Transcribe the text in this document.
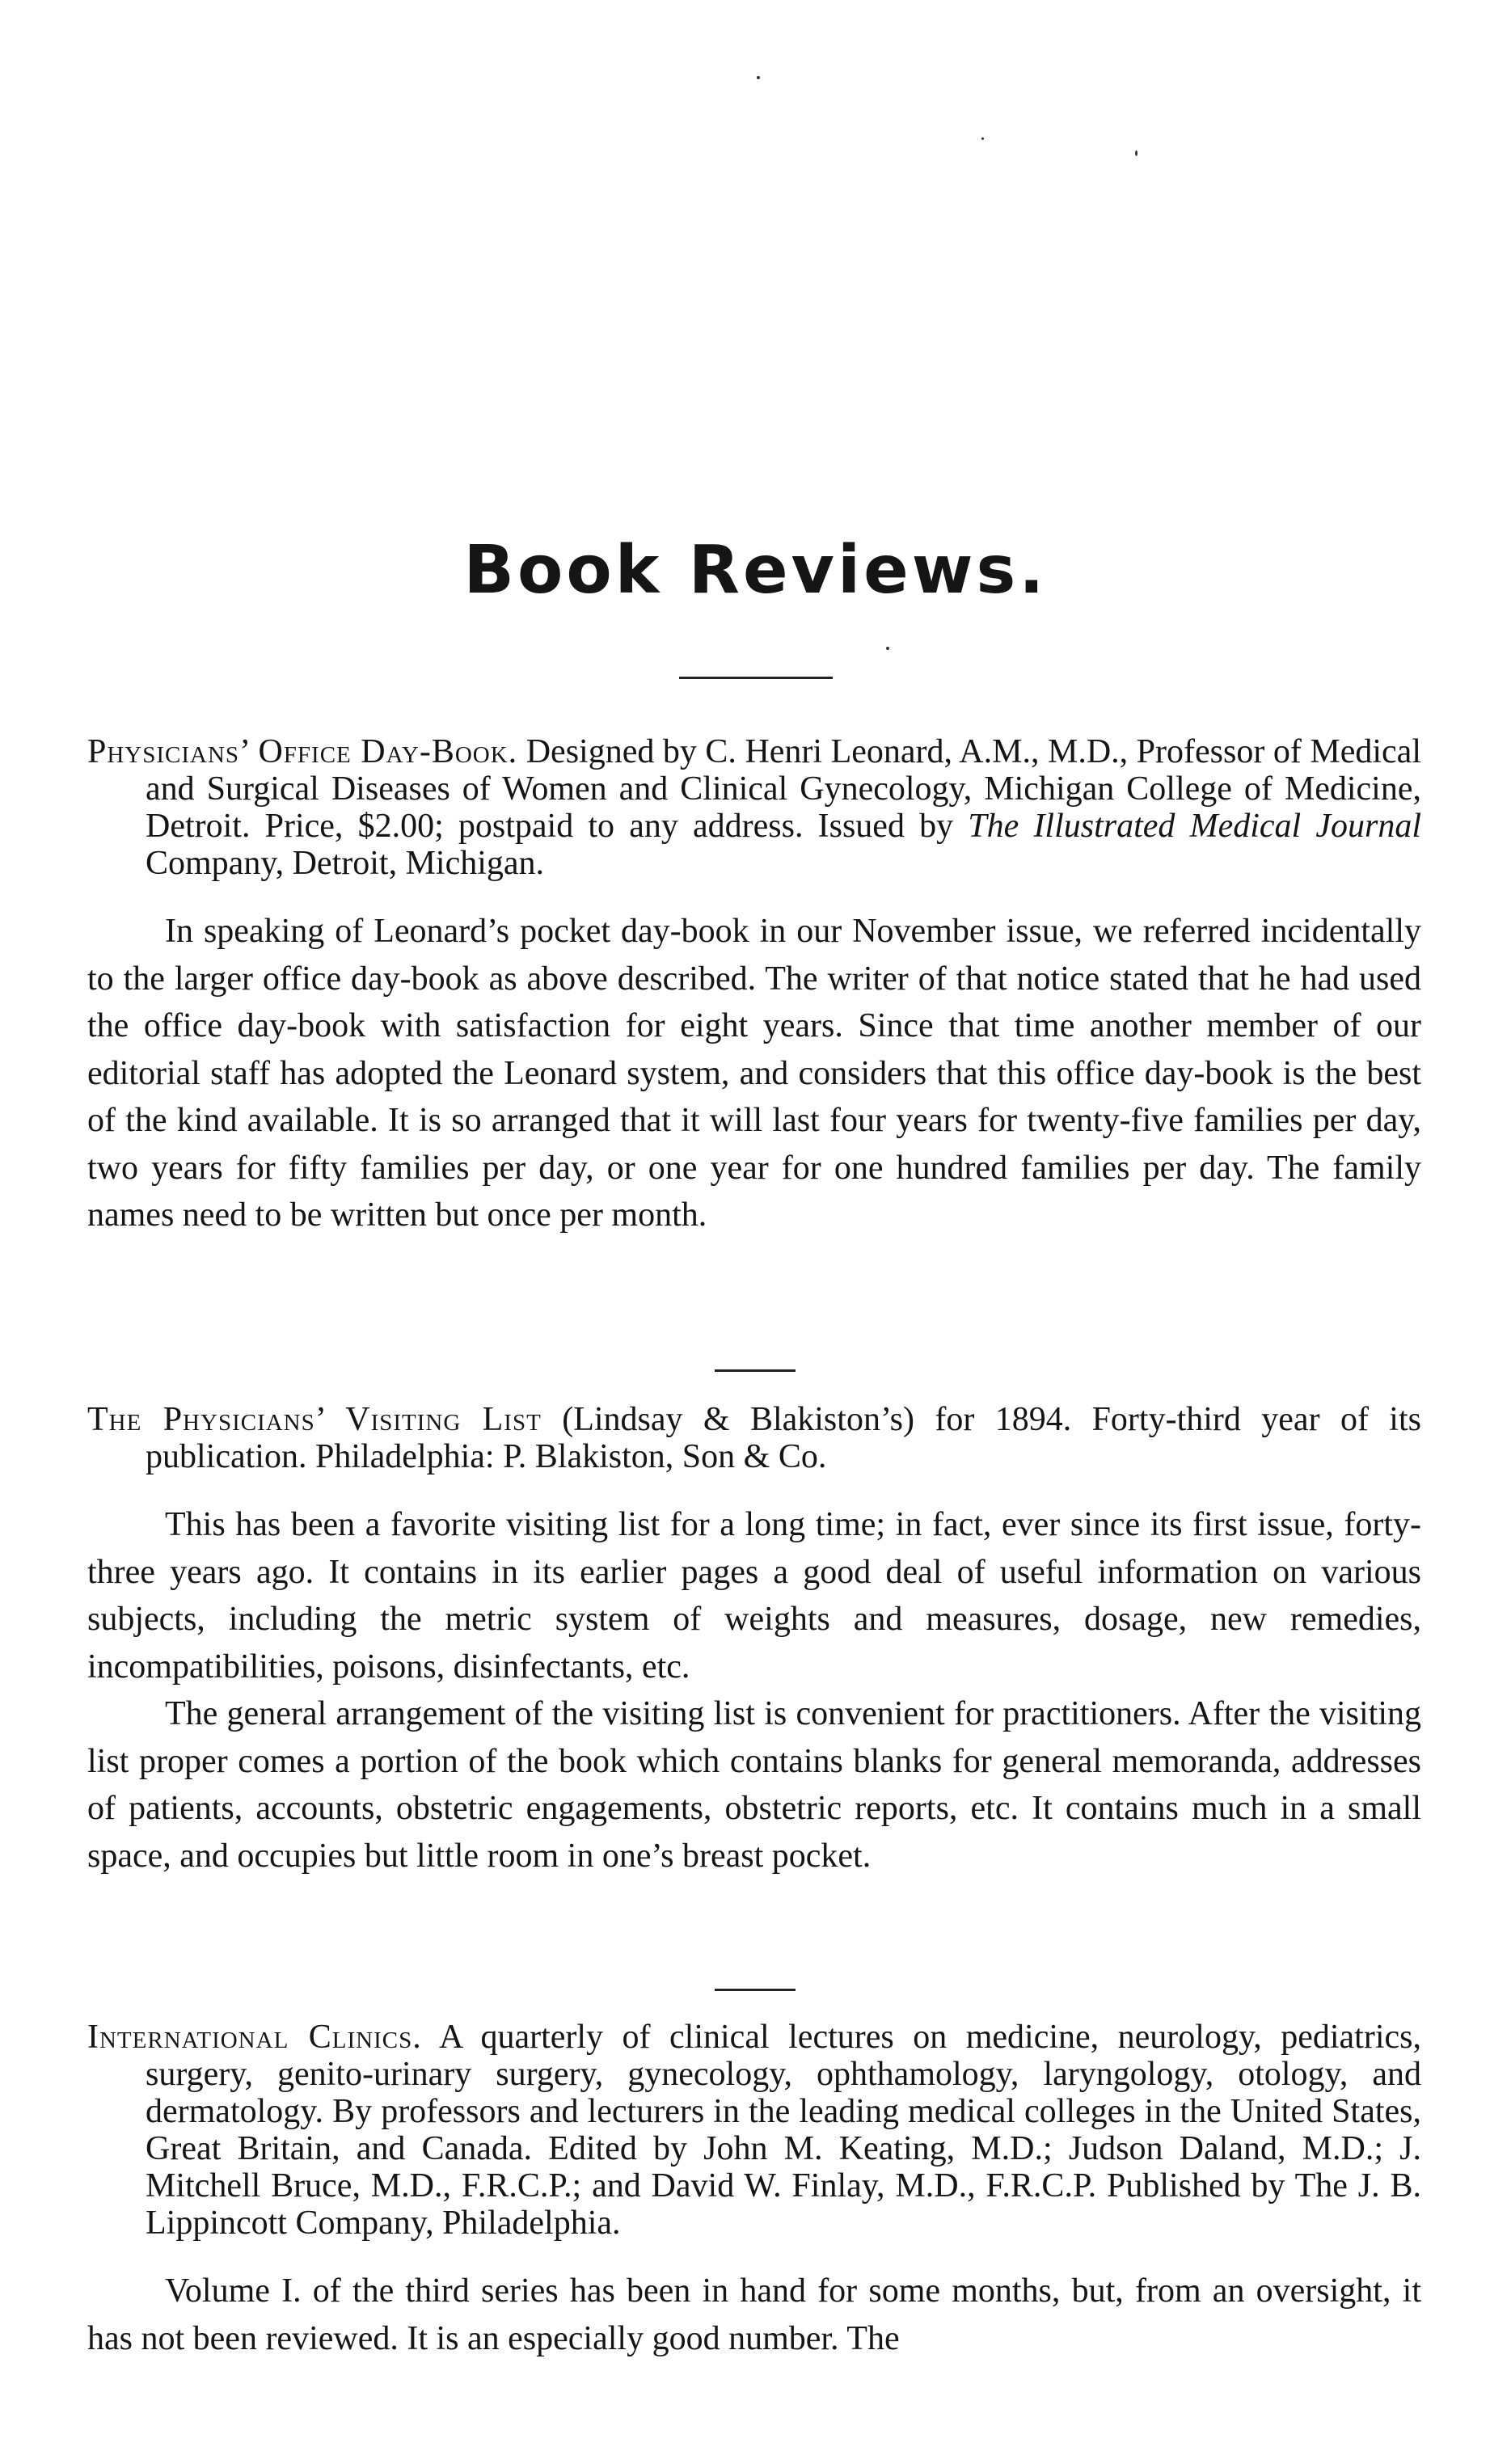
Book Reviews.
Physicians’ Office Day-Book. Designed by C. Henri Leonard, A.M., M.D., Professor of Medical and Surgical Diseases of Women and Clinical Gynecology, Michigan College of Medicine, Detroit. Price, $2.00; postpaid to any address. Issued by The Illustrated Medical Journal Company, Detroit, Michigan.
In speaking of Leonard’s pocket day-book in our November issue, we referred incidentally to the larger office day-book as above described. The writer of that notice stated that he had used the office day-book with satisfaction for eight years. Since that time another member of our editorial staff has adopted the Leonard system, and considers that this office day-book is the best of the kind available. It is so arranged that it will last four years for twenty-five families per day, two years for fifty families per day, or one year for one hundred families per day. The family names need to be written but once per month.
The Physicians’ Visiting List (Lindsay & Blakiston’s) for 1894. Forty-third year of its publication. Philadelphia: P. Blakiston, Son & Co.
This has been a favorite visiting list for a long time; in fact, ever since its first issue, forty-three years ago. It contains in its earlier pages a good deal of useful information on various subjects, including the metric system of weights and measures, dosage, new remedies, incompatibilities, poisons, disinfectants, etc.
The general arrangement of the visiting list is convenient for practitioners. After the visiting list proper comes a portion of the book which contains blanks for general memoranda, addresses of patients, accounts, obstetric engagements, obstetric reports, etc. It contains much in a small space, and occupies but little room in one’s breast pocket.
International Clinics. A quarterly of clinical lectures on medicine, neurology, pediatrics, surgery, genito-urinary surgery, gynecology, ophthamology, laryngology, otology, and dermatology. By professors and lecturers in the leading medical colleges in the United States, Great Britain, and Canada. Edited by John M. Keating, M.D.; Judson Daland, M.D.; J. Mitchell Bruce, M.D., F.R.C.P.; and David W. Finlay, M.D., F.R.C.P. Published by The J. B. Lippincott Company, Philadelphia.
Volume I. of the third series has been in hand for some months, but, from an oversight, it has not been reviewed. It is an especially good number. The
